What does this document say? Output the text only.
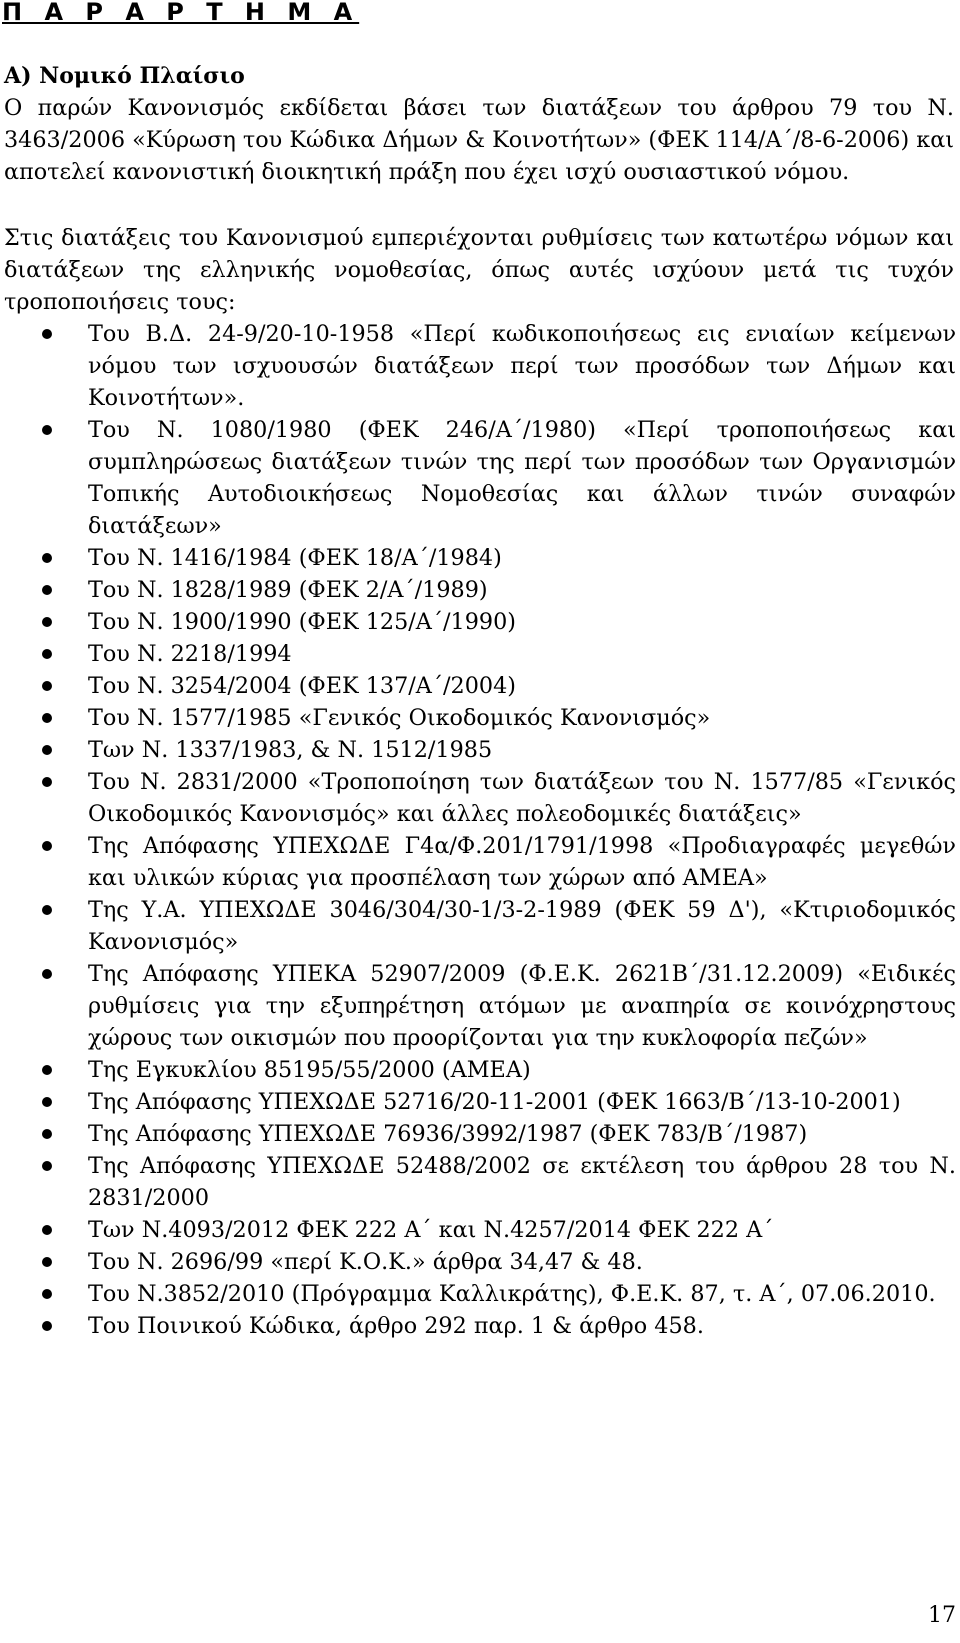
Π Α Ρ Α Ρ Τ Η Μ Α
Α) Νομικό Πλαίσιο

Ο παρών Κανονισμός εκδίδεται βάσει των διατάξεων του άρθρου 79 του Ν. 3463/2006 «Κύρωση του Κώδικα Δήμων & Κοινοτήτων» (ΦΕΚ 114/Α΄/8-6-2006) και αποτελεί κανονιστική διοικητική πράξη που έχει ισχύ ουσιαστικού νόμου.

Στις διατάξεις του Κανονισμού εμπεριέχονται ρυθμίσεις των κατωτέρω νόμων και διατάξεων της ελληνικής νομοθεσίας, όπως αυτές ισχύουν μετά τις τυχόν τροποποιήσεις τους:

Του Β.Δ. 24-9/20-10-1958 «Περί κωδικοποιήσεως εις ενιαίων κείμενων νόμου των ισχυουσών διατάξεων περί των προσόδων των Δήμων και Κοινοτήτων».
Του Ν. 1080/1980 (ΦΕΚ 246/Α΄/1980) «Περί τροποποιήσεως και συμπληρώσεως διατάξεων τινών της περί των προσόδων των Οργανισμών Τοπικής Αυτοδιοικήσεως Νομοθεσίας και άλλων τινών συναφών διατάξεων»
Του Ν. 1416/1984 (ΦΕΚ 18/Α΄/1984)
Του Ν. 1828/1989 (ΦΕΚ 2/Α΄/1989)
Του Ν. 1900/1990 (ΦΕΚ 125/Α΄/1990)
Του Ν. 2218/1994
Του Ν. 3254/2004 (ΦΕΚ 137/Α΄/2004)
Του Ν. 1577/1985 «Γενικός Οικοδομικός Κανονισμός»
Των Ν. 1337/1983, & Ν. 1512/1985
Του Ν. 2831/2000 «Τροποποίηση των διατάξεων του Ν. 1577/85 «Γενικός Οικοδομικός Κανονισμός» και άλλες πολεοδομικές διατάξεις»
Της Απόφασης ΥΠΕΧΩΔΕ Γ4α/Φ.201/1791/1998 «Προδιαγραφές μεγεθών και υλικών κύριας για προσπέλαση των χώρων από ΑΜΕΑ»
Της Υ.Α. ΥΠΕΧΩΔΕ 3046/304/30-1/3-2-1989 (ΦΕΚ 59 Δ'), «Κτιριοδομικός Κανονισμός»
Της Απόφασης ΥΠΕΚΑ 52907/2009 (Φ.Ε.Κ. 2621Β΄/31.12.2009) «Ειδικές ρυθμίσεις για την εξυπηρέτηση ατόμων με αναπηρία σε κοινόχρηστους χώρους των οικισμών που προορίζονται για την κυκλοφορία πεζών»
Της Εγκυκλίου 85195/55/2000 (ΑΜΕΑ)
Της Απόφασης ΥΠΕΧΩΔΕ 52716/20-11-2001 (ΦΕΚ 1663/Β΄/13-10-2001)
Της Απόφασης ΥΠΕΧΩΔΕ 76936/3992/1987 (ΦΕΚ 783/Β΄/1987)
Της Απόφασης ΥΠΕΧΩΔΕ 52488/2002 σε εκτέλεση του άρθρου 28 του Ν. 2831/2000
Των Ν.4093/2012 ΦΕΚ 222 Α΄ και Ν.4257/2014 ΦΕΚ 222 Α΄
Του Ν. 2696/99 «περί Κ.Ο.Κ.» άρθρα 34,47 & 48.
Του Ν.3852/2010 (Πρόγραμμα Καλλικράτης), Φ.Ε.Κ. 87, τ. Α΄, 07.06.2010.
Του Ποινικού Κώδικα, άρθρο 292 παρ. 1 & άρθρο 458.
17
